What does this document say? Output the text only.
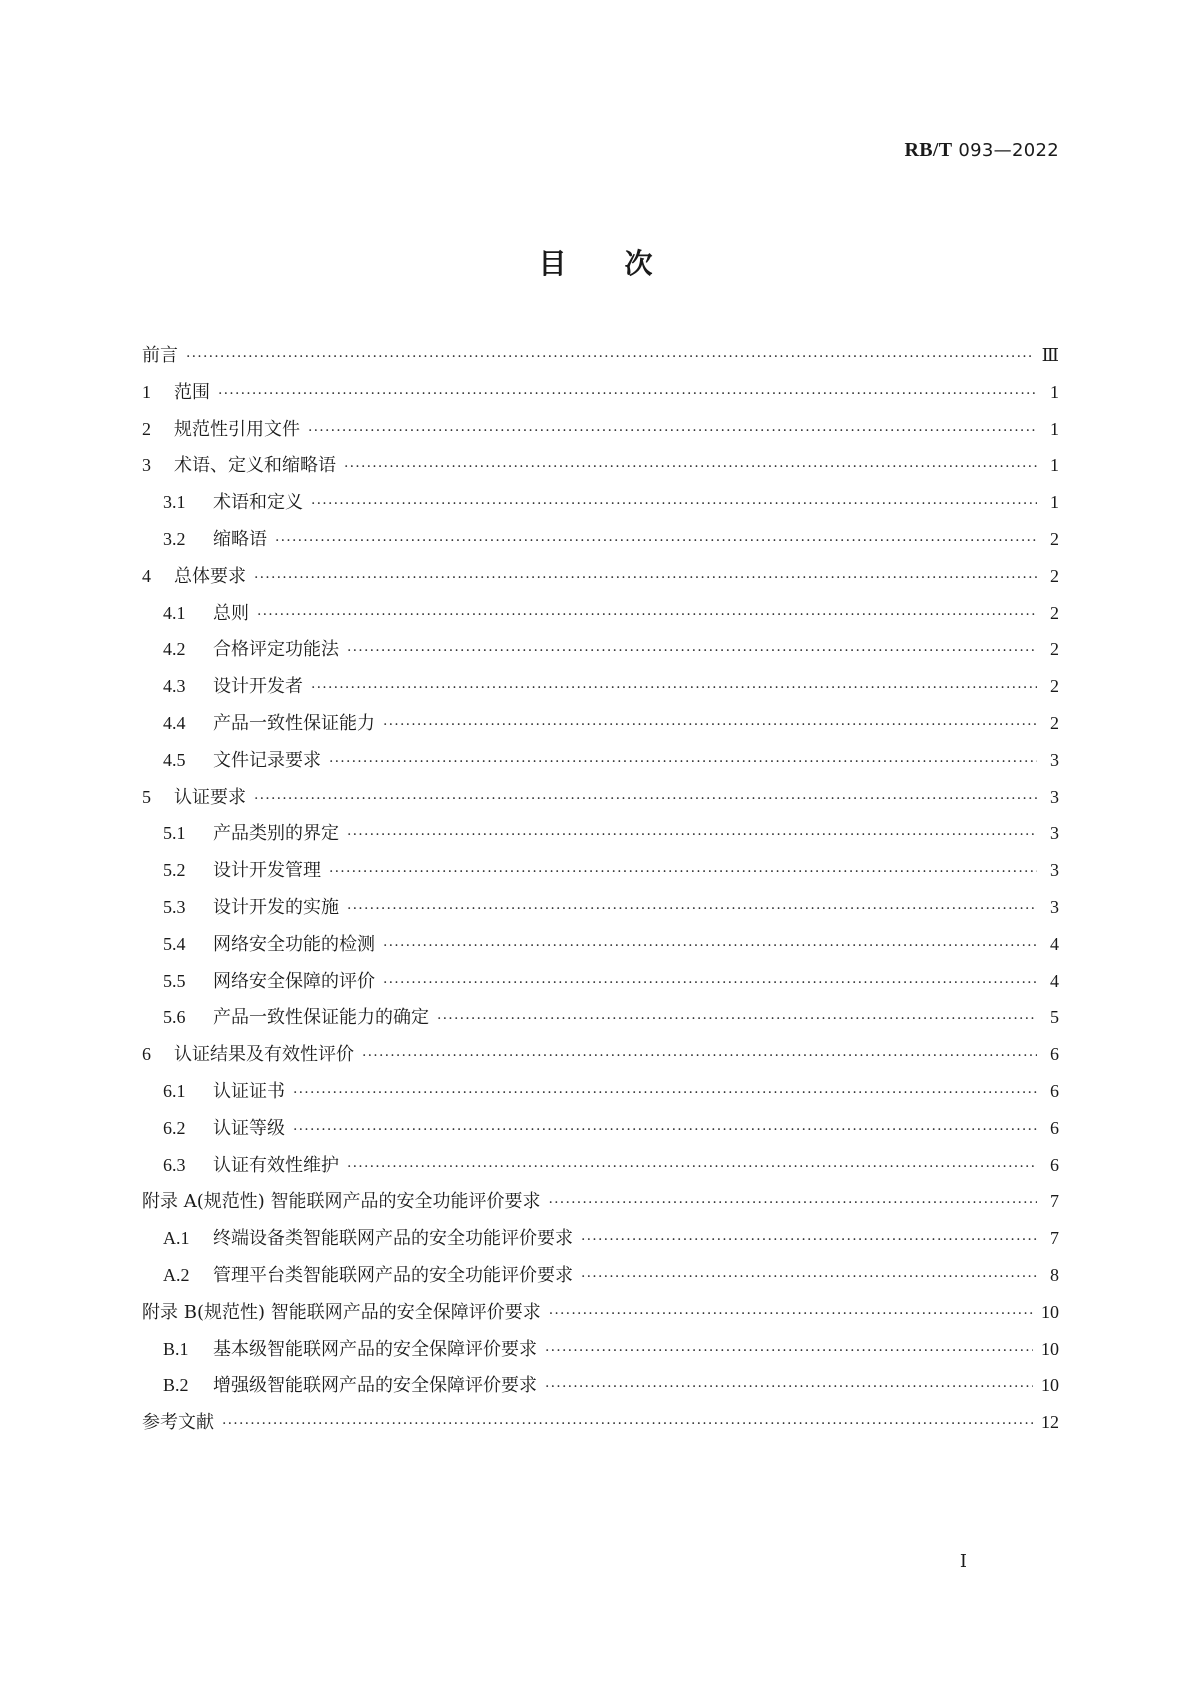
RB/T 093—2022
目 次
前言 ·····	Ⅲ
1	范围 ·····	1
2	规范性引用文件 ·····	1
3	术语、定义和缩略语 ·····	1
3.1	术语和定义 ·····	1
3.2	缩略语 ·····	2
4	总体要求 ·····	2
4.1	总则 ·····	2
4.2	合格评定功能法 ·····	2
4.3	设计开发者 ·····	2
4.4	产品一致性保证能力 ·····	2
4.5	文件记录要求 ·····	3
5	认证要求 ·····	3
5.1	产品类别的界定 ·····	3
5.2	设计开发管理 ·····	3
5.3	设计开发的实施 ·····	3
5.4	网络安全功能的检测 ·····	4
5.5	网络安全保障的评价 ·····	4
5.6	产品一致性保证能力的确定 ·····	5
6	认证结果及有效性评价 ·····	6
6.1	认证证书 ·····	6
6.2	认证等级 ·····	6
6.3	认证有效性维护 ·····	6
附录 A(规范性) 智能联网产品的安全功能评价要求 ·····	7
A.1	终端设备类智能联网产品的安全功能评价要求 ·····	7
A.2	管理平台类智能联网产品的安全功能评价要求 ·····	8
附录 B(规范性) 智能联网产品的安全保障评价要求 ·····	10
B.1	基本级智能联网产品的安全保障评价要求 ·····	10
B.2	增强级智能联网产品的安全保障评价要求 ·····	10
参考文献 ·····	12
Ⅰ
